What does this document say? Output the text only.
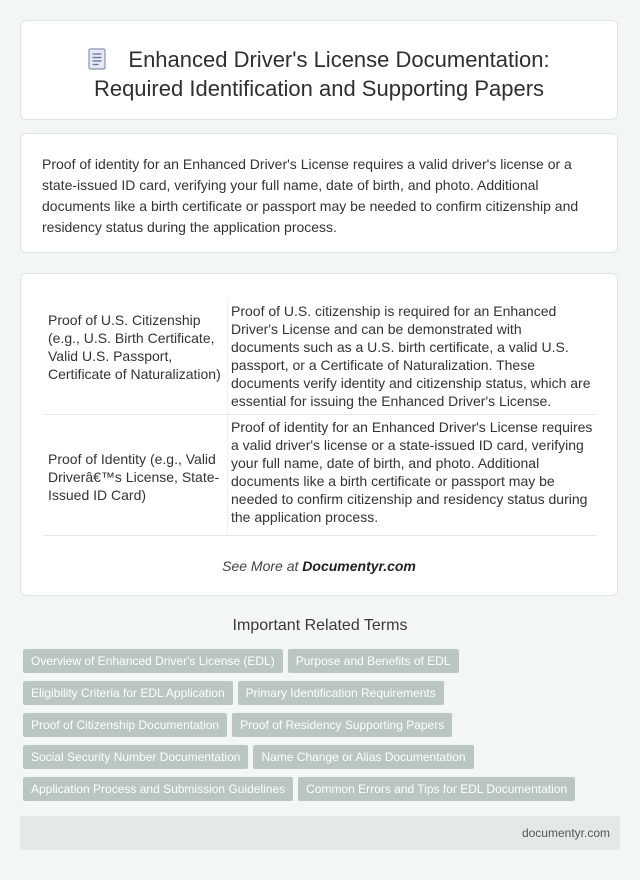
Enhanced Driver's License Documentation: Required Identification and Supporting Papers
Proof of identity for an Enhanced Driver's License requires a valid driver's license or a state-issued ID card, verifying your full name, date of birth, and photo. Additional documents like a birth certificate or passport may be needed to confirm citizenship and residency status during the application process.
Proof of U.S. Citizenship (e.g., U.S. Birth Certificate, Valid U.S. Passport, Certificate of Naturalization)
Proof of U.S. citizenship is required for an Enhanced Driver's License and can be demonstrated with documents such as a U.S. birth certificate, a valid U.S. passport, or a Certificate of Naturalization. These documents verify identity and citizenship status, which are essential for issuing the Enhanced Driver's License.
Proof of Identity (e.g., Valid Driverâ€™s License, State-Issued ID Card)
Proof of identity for an Enhanced Driver's License requires a valid driver's license or a state-issued ID card, verifying your full name, date of birth, and photo. Additional documents like a birth certificate or passport may be needed to confirm citizenship and residency status during the application process.
See More at Documentyr.com
Important Related Terms
Overview of Enhanced Driver's License (EDL) Purpose and Benefits of EDL
Eligibility Criteria for EDL Application Primary Identification Requirements
Proof of Citizenship Documentation Proof of Residency Supporting Papers
Social Security Number Documentation Name Change or Alias Documentation
Application Process and Submission Guidelines Common Errors and Tips for EDL Documentation
documentyr.com
